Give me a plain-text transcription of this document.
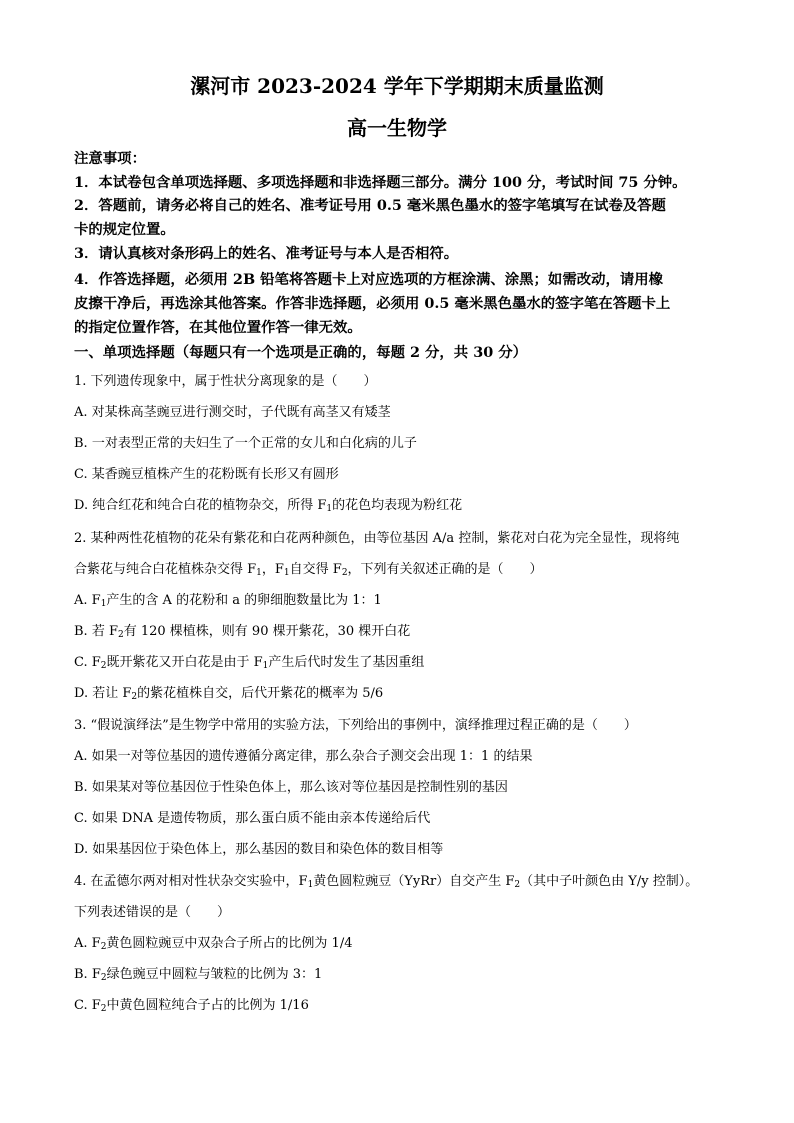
漯河市 2023-2024 学年下学期期末质量监测
高一生物学
注意事项：
1．本试卷包含单项选择题、多项选择题和非选择题三部分。满分 100 分，考试时间 75 分钟。
2．答题前，请务必将自己的姓名、准考证号用 0.5 毫米黑色墨水的签字笔填写在试卷及答题
卡的规定位置。
3．请认真核对条形码上的姓名、准考证号与本人是否相符。
4．作答选择题，必须用 2B 铅笔将答题卡上对应选项的方框涂满、涂黑；如需改动，请用橡
皮擦干净后，再选涂其他答案。作答非选择题，必须用 0.5 毫米黑色墨水的签字笔在答题卡上
的指定位置作答，在其他位置作答一律无效。
一、单项选择题（每题只有一个选项是正确的，每题 2 分，共 30 分）
1. 下列遗传现象中，属于性状分离现象的是（　　）
A. 对某株高茎豌豆进行测交时，子代既有高茎又有矮茎
B. 一对表型正常的夫妇生了一个正常的女儿和白化病的儿子
C. 某香豌豆植株产生的花粉既有长形又有圆形
D. 纯合红花和纯合白花的植物杂交，所得 $F_1$的花色均表现为粉红花
2. 某种两性花植物的花朵有紫花和白花两种颜色，由等位基因 A/a 控制，紫花对白花为完全显性，现将纯
合紫花与纯合白花植株杂交得 $F_1$，$F_1$自交得 $F_2$，下列有关叙述正确的是（　　）
A. $F_1$产生的含 A 的花粉和 a 的卵细胞数量比为 1：1
B. 若 $F_2$有 120 棵植株，则有 90 棵开紫花，30 棵开白花
C. $F_2$既开紫花又开白花是由于 $F_1$产生后代时发生了基因重组
D. 若让 $F_2$的紫花植株自交，后代开紫花的概率为 5/6
3. “假说演绎法”是生物学中常用的实验方法，下列给出的事例中，演绎推理过程正确的是（　　）
A. 如果一对等位基因的遗传遵循分离定律，那么杂合子测交会出现 1：1 的结果
B. 如果某对等位基因位于性染色体上，那么该对等位基因是控制性别的基因
C. 如果 DNA 是遗传物质，那么蛋白质不能由亲本传递给后代
D. 如果基因位于染色体上，那么基因的数目和染色体的数目相等
4. 在孟德尔两对相对性状杂交实验中，$F_1$黄色圆粒豌豆（YyRr）自交产生 $F_2$（其中子叶颜色由 Y/y 控制）。
下列表述错误的是（　　）
A. $F_2$黄色圆粒豌豆中双杂合子所占的比例为 1/4
B. $F_2$绿色豌豆中圆粒与皱粒的比例为 3：1
C. $F_2$中黄色圆粒纯合子占的比例为 1/16
